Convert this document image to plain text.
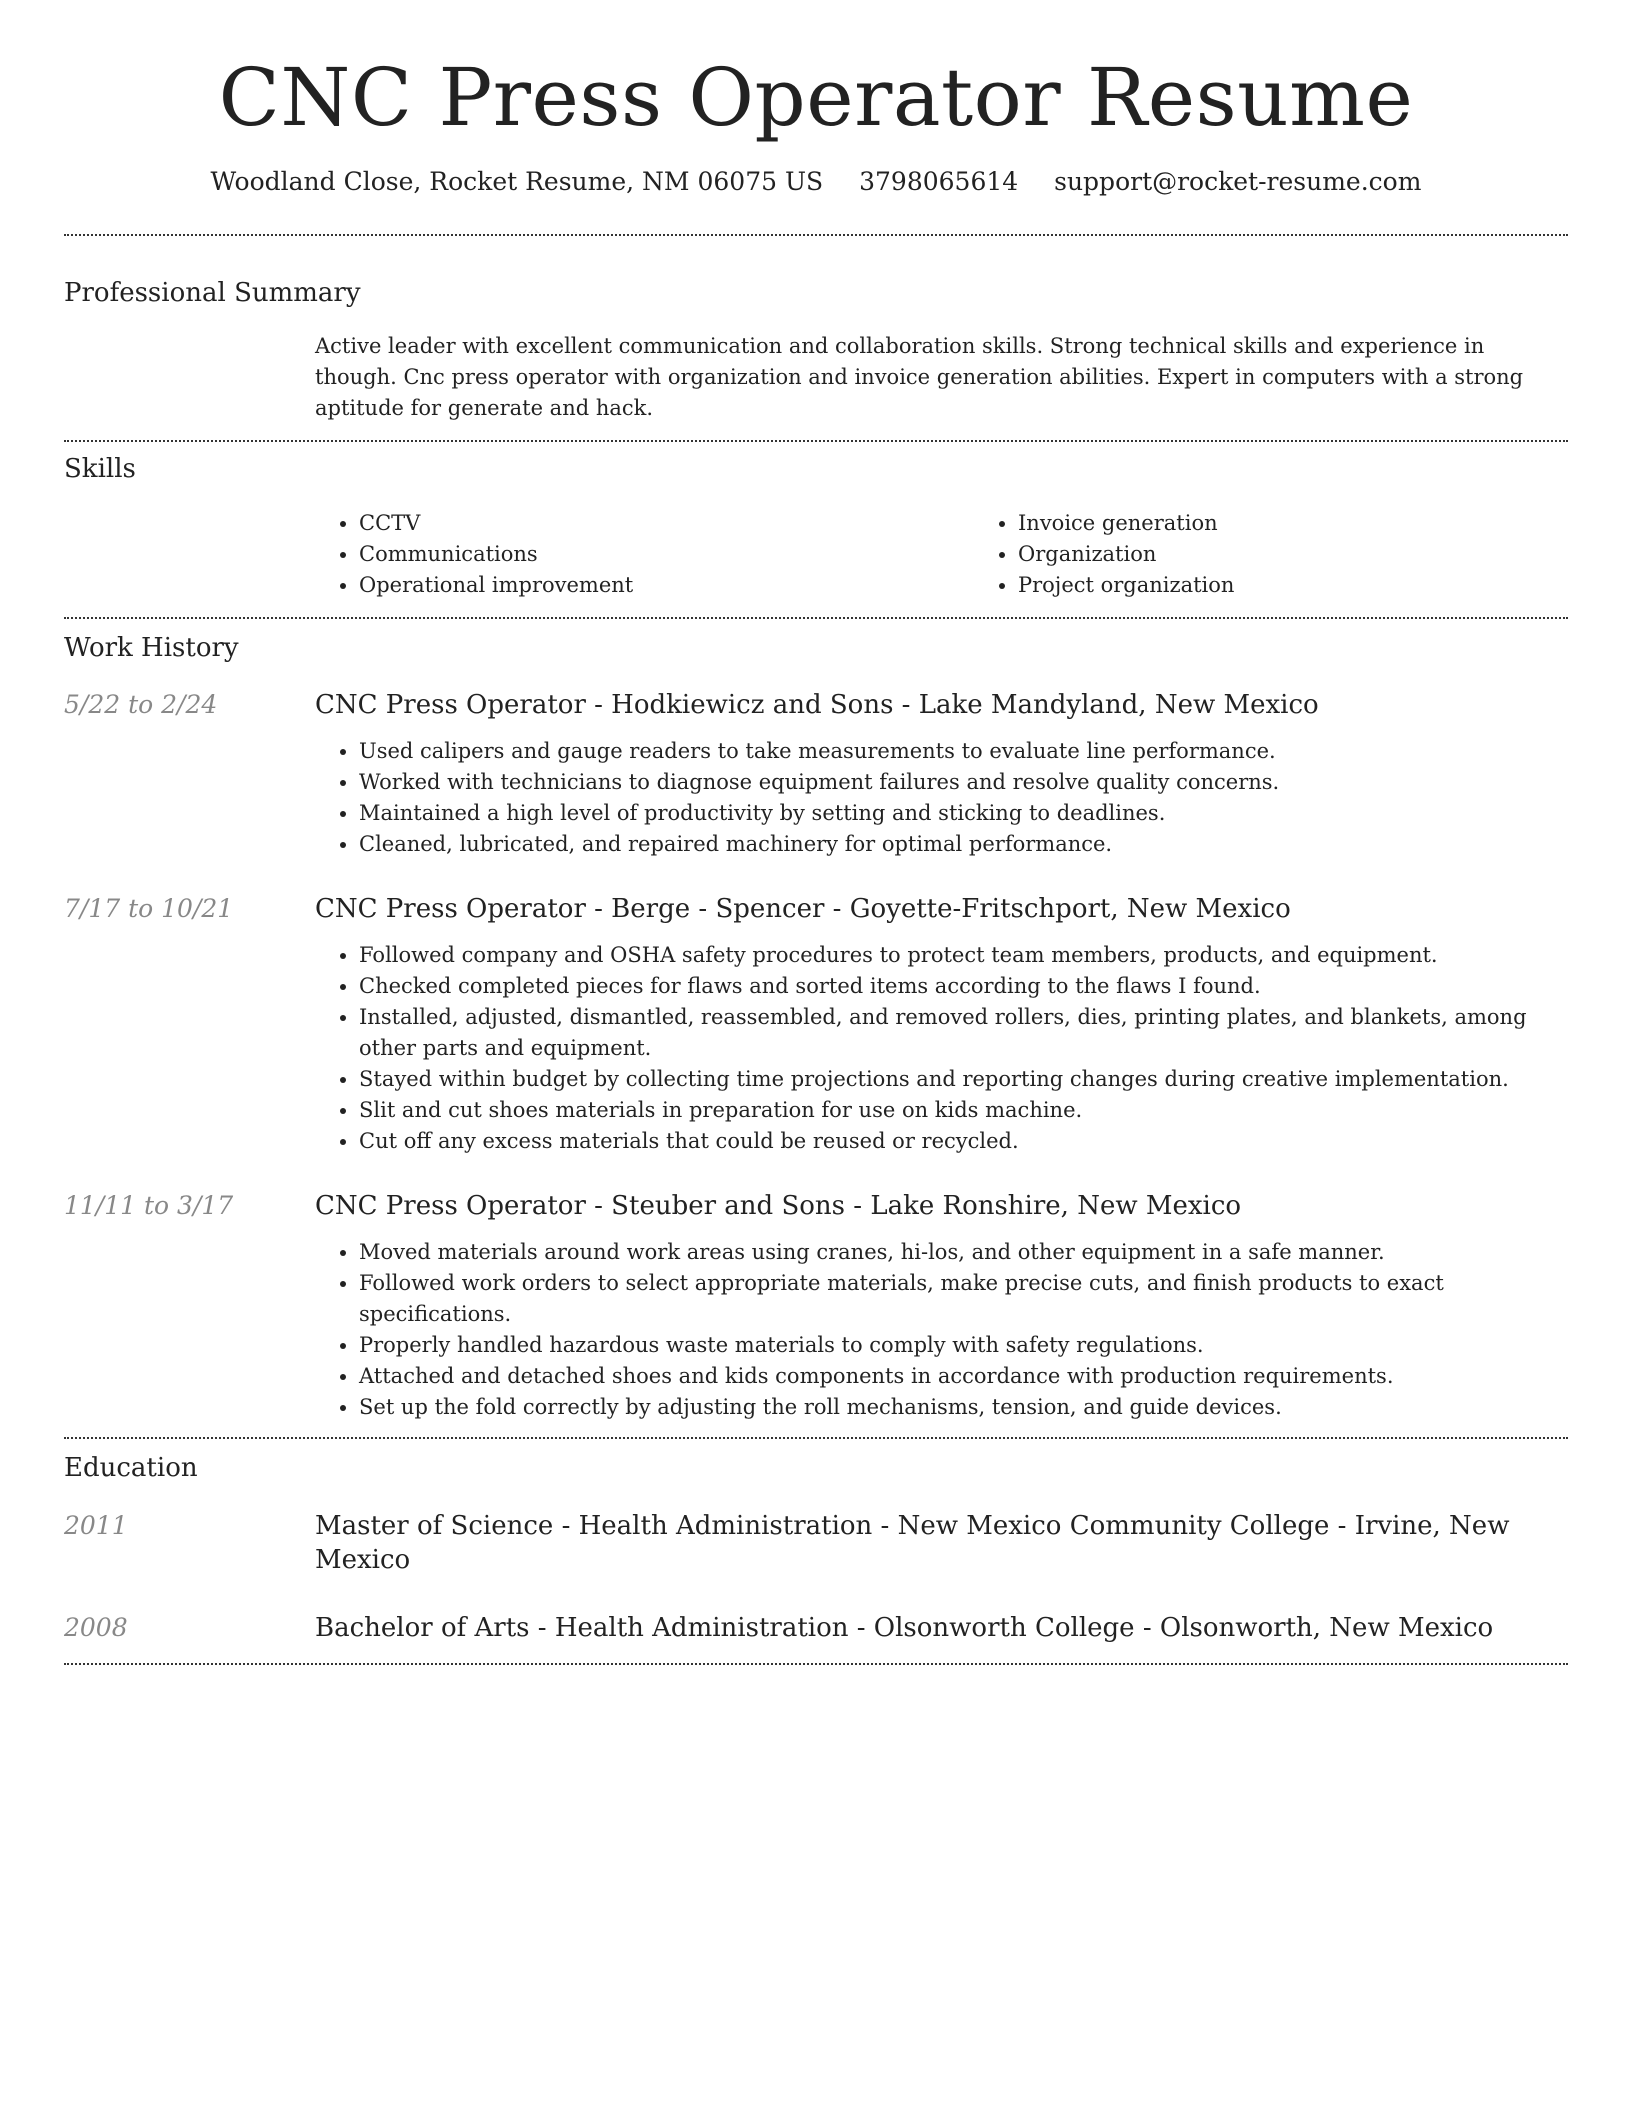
CNC Press Operator Resume
Woodland Close, Rocket Resume, NM 06075 US 3798065614 support@rocket-resume.com
Professional Summary

Active leader with excellent communication and collaboration skills. Strong technical skills and experience in though. Cnc press operator with organization and invoice generation abilities. Expert in computers with a strong aptitude for generate and hack.

Skills
• CCTV
• Communications
• Operational improvement
• Invoice generation
• Organization
• Project organization
Work History
5/22 to 2/24	CNC Press Operator - Hodkiewicz and Sons - Lake Mandyland, New Mexico
• Used calipers and gauge readers to take measurements to evaluate line performance.
• Worked with technicians to diagnose equipment failures and resolve quality concerns.
• Maintained a high level of productivity by setting and sticking to deadlines.
• Cleaned, lubricated, and repaired machinery for optimal performance.
7/17 to 10/21	CNC Press Operator - Berge - Spencer - Goyette-Fritschport, New Mexico
• Followed company and OSHA safety procedures to protect team members, products, and equipment.
• Checked completed pieces for flaws and sorted items according to the flaws I found.
• Installed, adjusted, dismantled, reassembled, and removed rollers, dies, printing plates, and blankets, among other parts and equipment.
• Stayed within budget by collecting time projections and reporting changes during creative implementation.
• Slit and cut shoes materials in preparation for use on kids machine.
• Cut off any excess materials that could be reused or recycled.
11/11 to 3/17	CNC Press Operator - Steuber and Sons - Lake Ronshire, New Mexico
• Moved materials around work areas using cranes, hi-los, and other equipment in a safe manner.
• Followed work orders to select appropriate materials, make precise cuts, and finish products to exact specifications.
• Properly handled hazardous waste materials to comply with safety regulations.
• Attached and detached shoes and kids components in accordance with production requirements.
• Set up the fold correctly by adjusting the roll mechanisms, tension, and guide devices.
Education
2011	Master of Science - Health Administration - New Mexico Community College - Irvine, New Mexico
2008	Bachelor of Arts - Health Administration - Olsonworth College - Olsonworth, New Mexico
